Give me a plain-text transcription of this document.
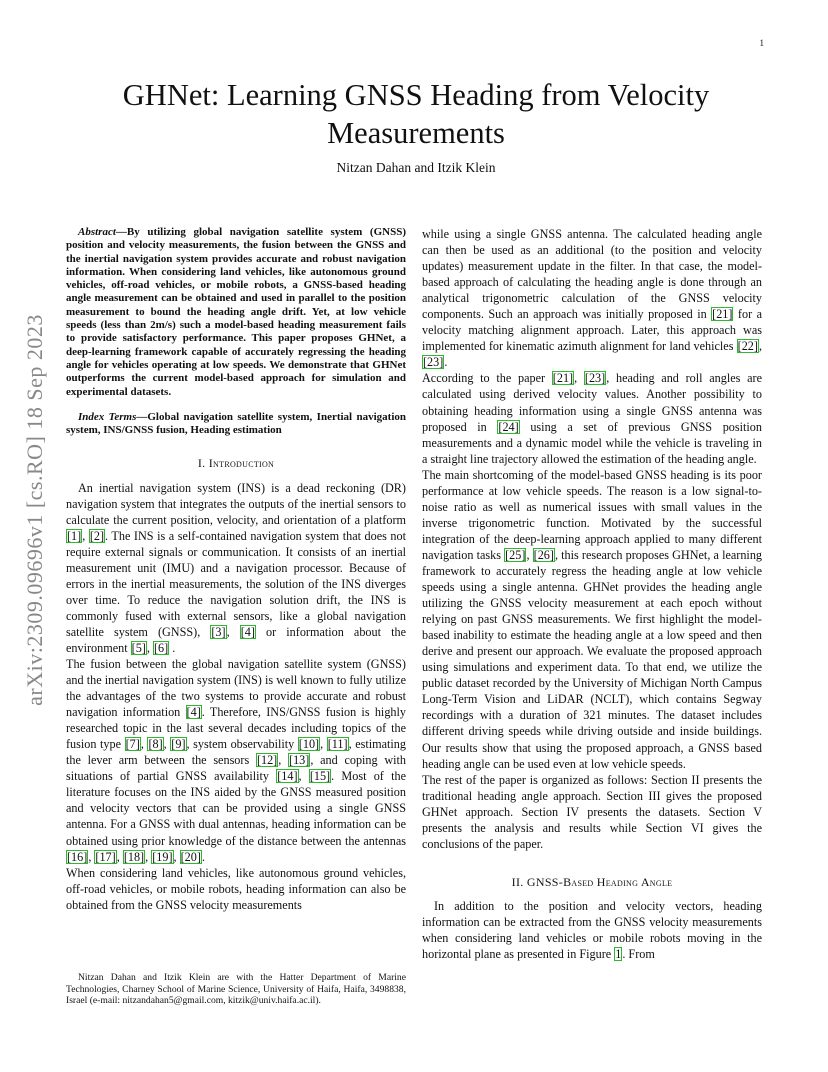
1
arXiv:2309.09696v1 [cs.RO] 18 Sep 2023
GHNet: Learning GNSS Heading from Velocity Measurements
Nitzan Dahan and Itzik Klein

Abstract—By utilizing global navigation satellite system (GNSS) position and velocity measurements, the fusion between the GNSS and the inertial navigation system provides accurate and robust navigation information. When considering land vehicles, like autonomous ground vehicles, off-road vehicles, or mobile robots, a GNSS-based heading angle measurement can be obtained and used in parallel to the position measurement to bound the heading angle drift. Yet, at low vehicle speeds (less than 2m/s) such a model-based heading measurement fails to provide satisfactory performance. This paper proposes GHNet, a deep-learning framework capable of accurately regressing the heading angle for vehicles operating at low speeds. We demonstrate that GHNet outperforms the current model-based approach for simulation and experimental datasets.

Index Terms—Global navigation satellite system, Inertial navigation system, INS/GNSS fusion, Heading estimation

I. Introduction

An inertial navigation system (INS) is a dead reckoning (DR) navigation system that integrates the outputs of the inertial sensors to calculate the current position, velocity, and orientation of a platform [1], [2]. The INS is a self-contained navigation system that does not require external signals or communication. It consists of an inertial measurement unit (IMU) and a navigation processor. Because of errors in the inertial measurements, the solution of the INS diverges over time. To reduce the navigation solution drift, the INS is commonly fused with external sensors, like a global navigation satellite system (GNSS), [3], [4] or information about the environment [5], [6] .

The fusion between the global navigation satellite system (GNSS) and the inertial navigation system (INS) is well known to fully utilize the advantages of the two systems to provide accurate and robust navigation information [4]. Therefore, INS/GNSS fusion is highly researched topic in the last several decades including topics of the fusion type [7], [8], [9], system observability [10], [11], estimating the lever arm between the sensors [12], [13], and coping with situations of partial GNSS availability [14], [15]. Most of the literature focuses on the INS aided by the GNSS measured position and velocity vectors that can be provided using a single GNSS antenna. For a GNSS with dual antennas, heading information can be obtained using prior knowledge of the distance between the antennas [16], [17], [18], [19], [20].

When considering land vehicles, like autonomous ground vehicles, off-road vehicles, or mobile robots, heading information can also be obtained from the GNSS velocity measurements

while using a single GNSS antenna. The calculated heading angle can then be used as an additional (to the position and velocity updates) measurement update in the filter. In that case, the model-based approach of calculating the heading angle is done through an analytical trigonometric calculation of the GNSS velocity components. Such an approach was initially proposed in [21] for a velocity matching alignment approach. Later, this approach was implemented for kinematic azimuth alignment for land vehicles [22], [23].

According to the paper [21], [23], heading and roll angles are calculated using derived velocity values. Another possibility to obtaining heading information using a single GNSS antenna was proposed in [24] using a set of previous GNSS position measurements and a dynamic model while the vehicle is traveling in a straight line trajectory allowed the estimation of the heading angle.

The main shortcoming of the model-based GNSS heading is its poor performance at low vehicle speeds. The reason is a low signal-to-noise ratio as well as numerical issues with small values in the inverse trigonometric function. Motivated by the successful integration of the deep-learning approach applied to many different navigation tasks [25], [26], this research proposes GHNet, a learning framework to accurately regress the heading angle at low vehicle speeds using a single antenna. GHNet provides the heading angle utilizing the GNSS velocity measurement at each epoch without relying on past GNSS measurements. We first highlight the model-based inability to estimate the heading angle at a low speed and then derive and present our approach. We evaluate the proposed approach using simulations and experiment data. To that end, we utilize the public dataset recorded by the University of Michigan North Campus Long-Term Vision and LiDAR (NCLT), which contains Segway recordings with a duration of 321 minutes. The dataset includes different driving speeds while driving outside and inside buildings. Our results show that using the proposed approach, a GNSS based heading angle can be used even at low vehicle speeds.

The rest of the paper is organized as follows: Section II presents the traditional heading angle approach. Section III gives the proposed GHNet approach. Section IV presents the datasets. Section V presents the analysis and results while Section VI gives the conclusions of the paper.

II. GNSS-Based Heading Angle

In addition to the position and velocity vectors, heading information can be extracted from the GNSS velocity measurements when considering land vehicles or mobile robots moving in the horizontal plane as presented in Figure 1. From

Nitzan Dahan and Itzik Klein are with the Hatter Department of Marine Technologies, Charney School of Marine Science, University of Haifa, Haifa, 3498838, Israel (e-mail: nitzandahan5@gmail.com, kitzik@univ.haifa.ac.il).
